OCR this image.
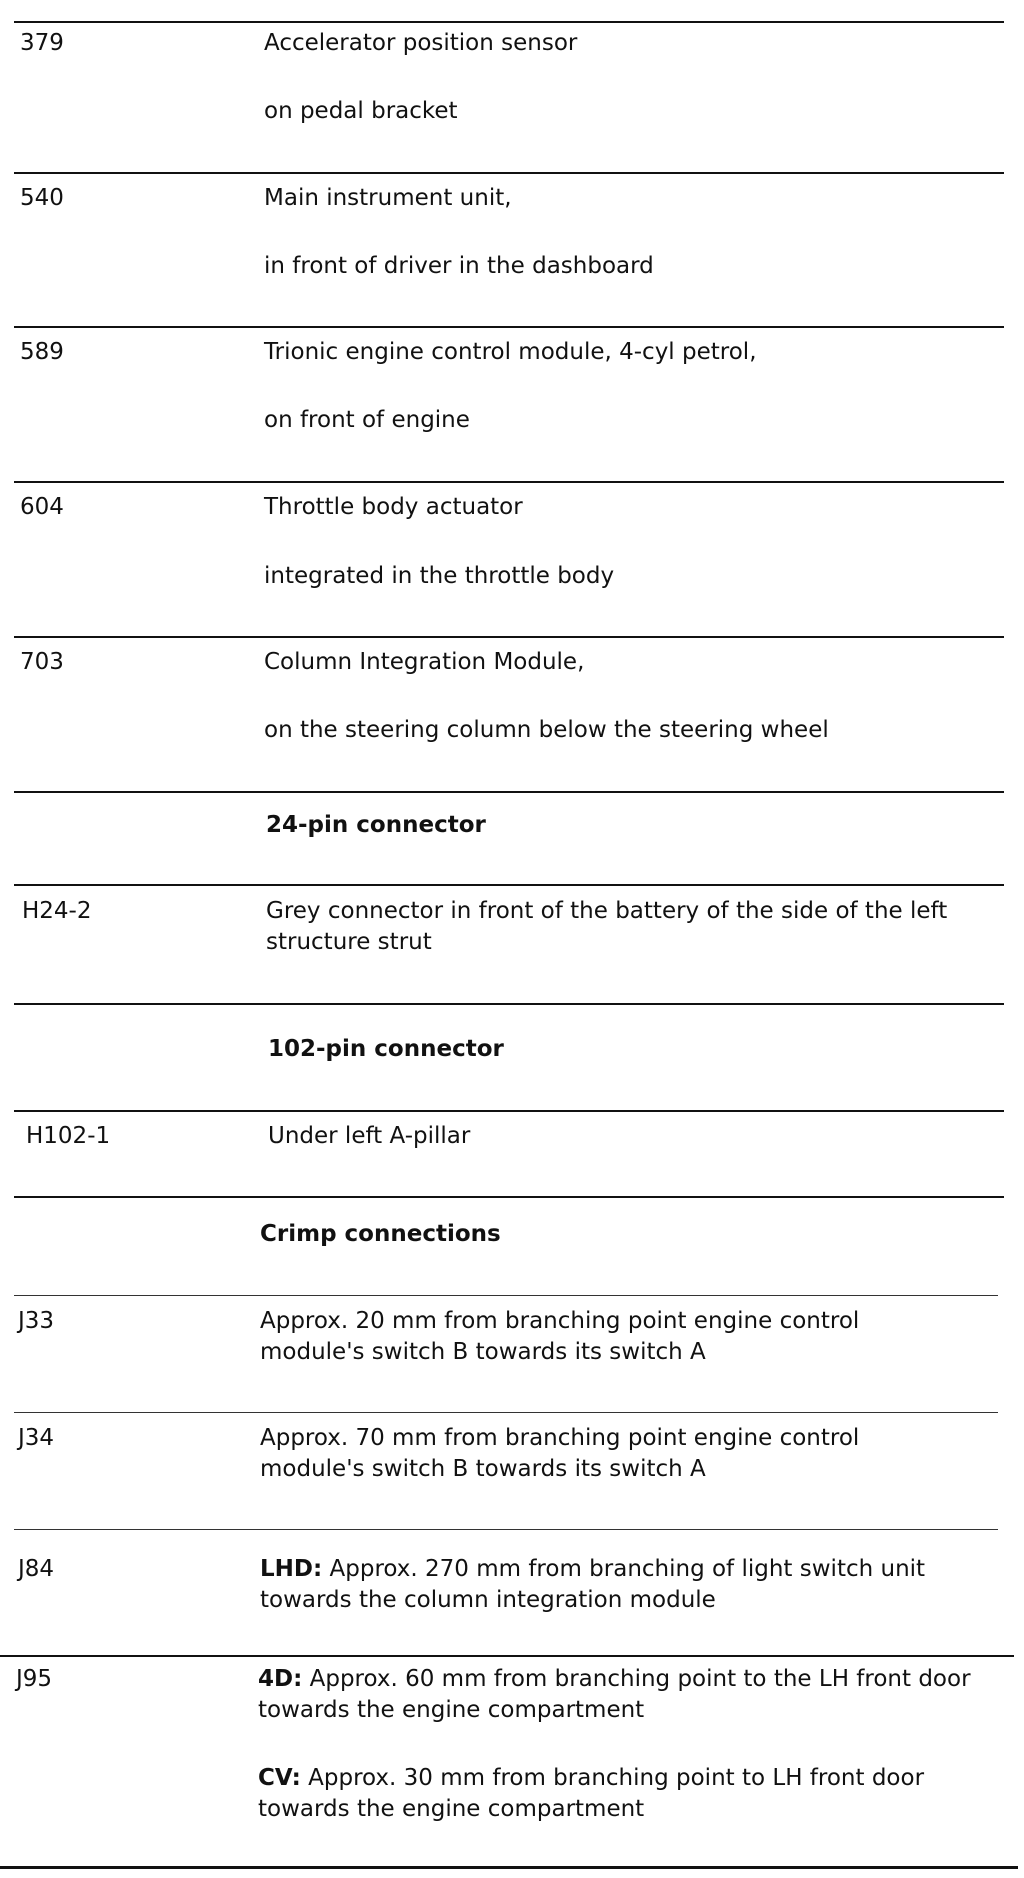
379	Accelerator position sensor
on pedal bracket
540	Main instrument unit,
in front of driver in the dashboard
589	Trionic engine control module, 4-cyl petrol,
on front of engine
604	Throttle body actuator
integrated in the throttle body
703	Column Integration Module,
on the steering column below the steering wheel
24-pin connector
H24-2	Grey connector in front of the battery of the side of the left structure strut
102-pin connector
H102-1	Under left A-pillar
Crimp connections
J33	Approx. 20 mm from branching point engine control module's switch B towards its switch A
J34	Approx. 70 mm from branching point engine control module's switch B towards its switch A
J84	LHD: Approx. 270 mm from branching of light switch unit towards the column integration module
J95	4D: Approx. 60 mm from branching point to the LH front door towards the engine compartment
CV: Approx. 30 mm from branching point to LH front door towards the engine compartment
